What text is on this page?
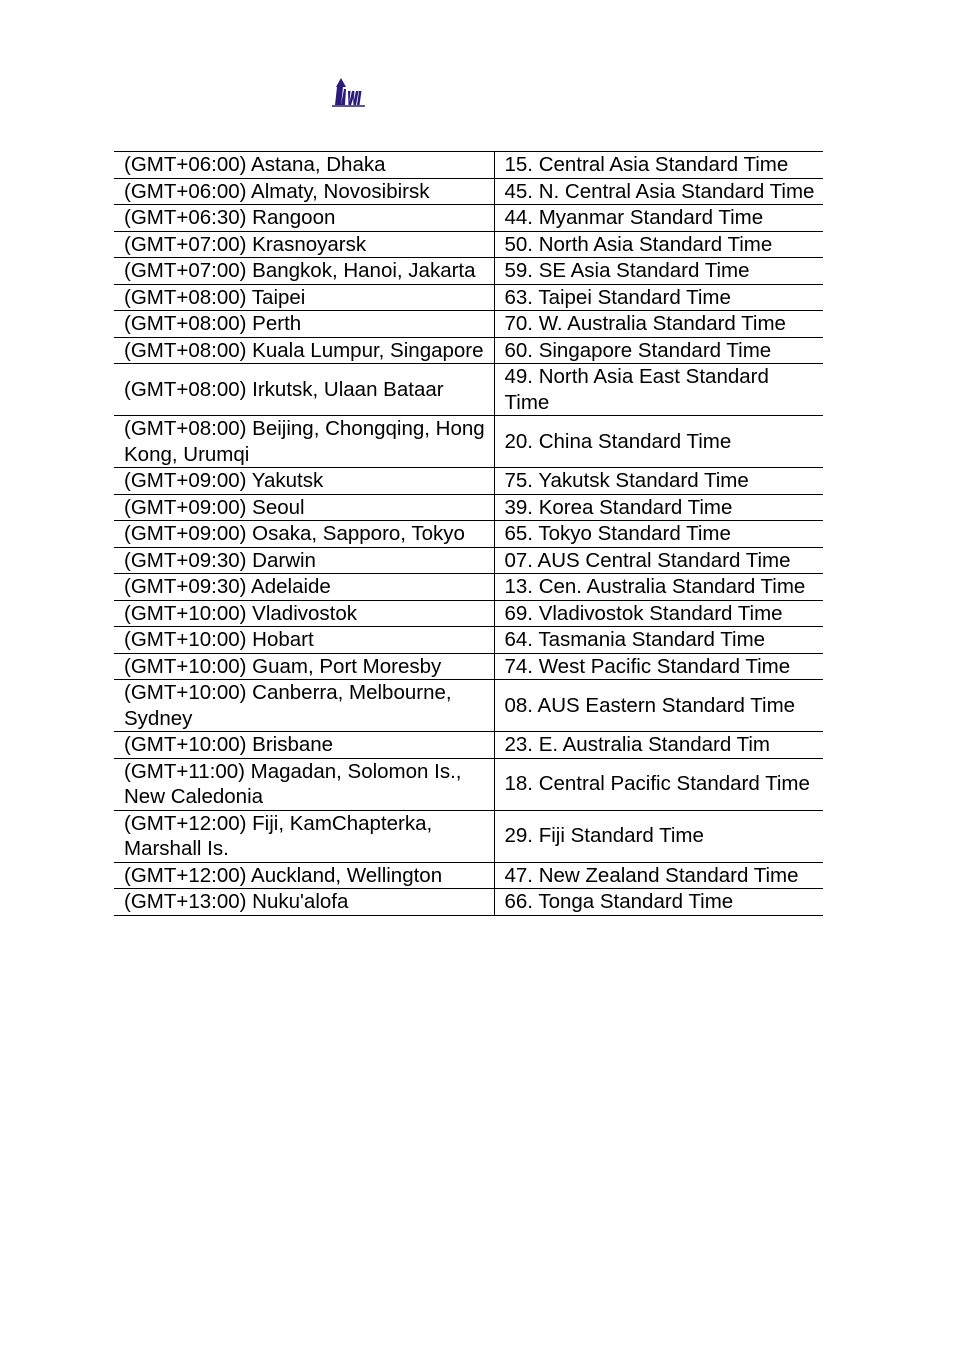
(GMT+06:00) Astana, Dhaka	15. Central Asia Standard Time
(GMT+06:00) Almaty, Novosibirsk	45. N. Central Asia Standard Time
(GMT+06:30) Rangoon	44. Myanmar Standard Time
(GMT+07:00) Krasnoyarsk	50. North Asia Standard Time
(GMT+07:00) Bangkok, Hanoi, Jakarta	59. SE Asia Standard Time
(GMT+08:00) Taipei	63. Taipei Standard Time
(GMT+08:00) Perth	70. W. Australia Standard Time
(GMT+08:00) Kuala Lumpur, Singapore	60. Singapore Standard Time
(GMT+08:00) Irkutsk, Ulaan Bataar	49. North Asia East Standard Time
(GMT+08:00) Beijing, Chongqing, Hong Kong, Urumqi	20. China Standard Time
(GMT+09:00) Yakutsk	75. Yakutsk Standard Time
(GMT+09:00) Seoul	39. Korea Standard Time
(GMT+09:00) Osaka, Sapporo, Tokyo	65. Tokyo Standard Time
(GMT+09:30) Darwin	07. AUS Central Standard Time
(GMT+09:30) Adelaide	13. Cen. Australia Standard Time
(GMT+10:00) Vladivostok	69. Vladivostok Standard Time
(GMT+10:00) Hobart	64. Tasmania Standard Time
(GMT+10:00) Guam, Port Moresby	74. West Pacific Standard Time
(GMT+10:00) Canberra, Melbourne, Sydney	08. AUS Eastern Standard Time
(GMT+10:00) Brisbane	23. E. Australia Standard Tim
(GMT+11:00) Magadan, Solomon Is., New Caledonia	18. Central Pacific Standard Time
(GMT+12:00) Fiji, KamChapterka, Marshall Is.	29. Fiji Standard Time
(GMT+12:00) Auckland, Wellington	47. New Zealand Standard Time
(GMT+13:00) Nuku'alofa	66. Tonga Standard Time
